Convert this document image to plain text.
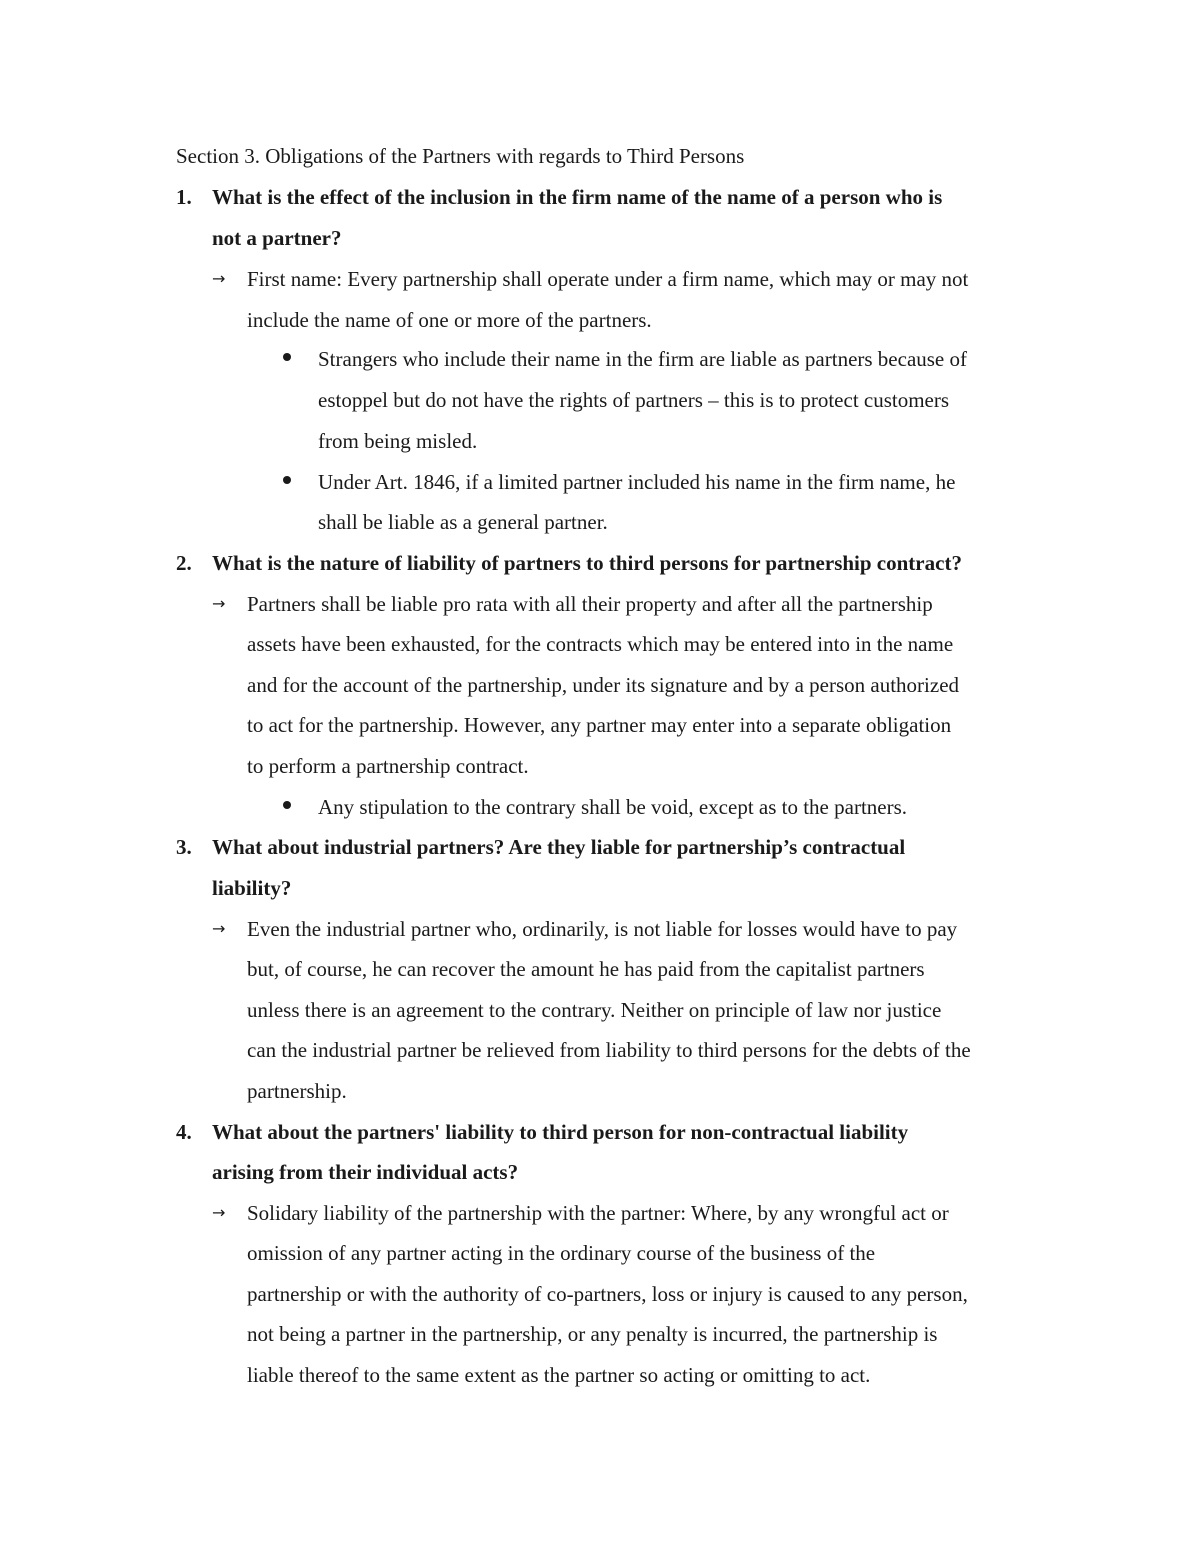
Section 3. Obligations of the Partners with regards to Third Persons
1. What is the effect of the inclusion in the firm name of the name of a person who is
not a partner?
→ First name: Every partnership shall operate under a firm name, which may or may not
include the name of one or more of the partners.
Strangers who include their name in the firm are liable as partners because of
estoppel but do not have the rights of partners – this is to protect customers
from being misled.
Under Art. 1846, if a limited partner included his name in the firm name, he
shall be liable as a general partner.
2. What is the nature of liability of partners to third persons for partnership contract?
→ Partners shall be liable pro rata with all their property and after all the partnership
assets have been exhausted, for the contracts which may be entered into in the name
and for the account of the partnership, under its signature and by a person authorized
to act for the partnership. However, any partner may enter into a separate obligation
to perform a partnership contract.
Any stipulation to the contrary shall be void, except as to the partners.
3. What about industrial partners? Are they liable for partnership’s contractual
liability?
→ Even the industrial partner who, ordinarily, is not liable for losses would have to pay
but, of course, he can recover the amount he has paid from the capitalist partners
unless there is an agreement to the contrary. Neither on principle of law nor justice
can the industrial partner be relieved from liability to third persons for the debts of the
partnership.
4. What about the partners' liability to third person for non-contractual liability
arising from their individual acts?
→ Solidary liability of the partnership with the partner: Where, by any wrongful act or
omission of any partner acting in the ordinary course of the business of the
partnership or with the authority of co-partners, loss or injury is caused to any person,
not being a partner in the partnership, or any penalty is incurred, the partnership is
liable thereof to the same extent as the partner so acting or omitting to act.
